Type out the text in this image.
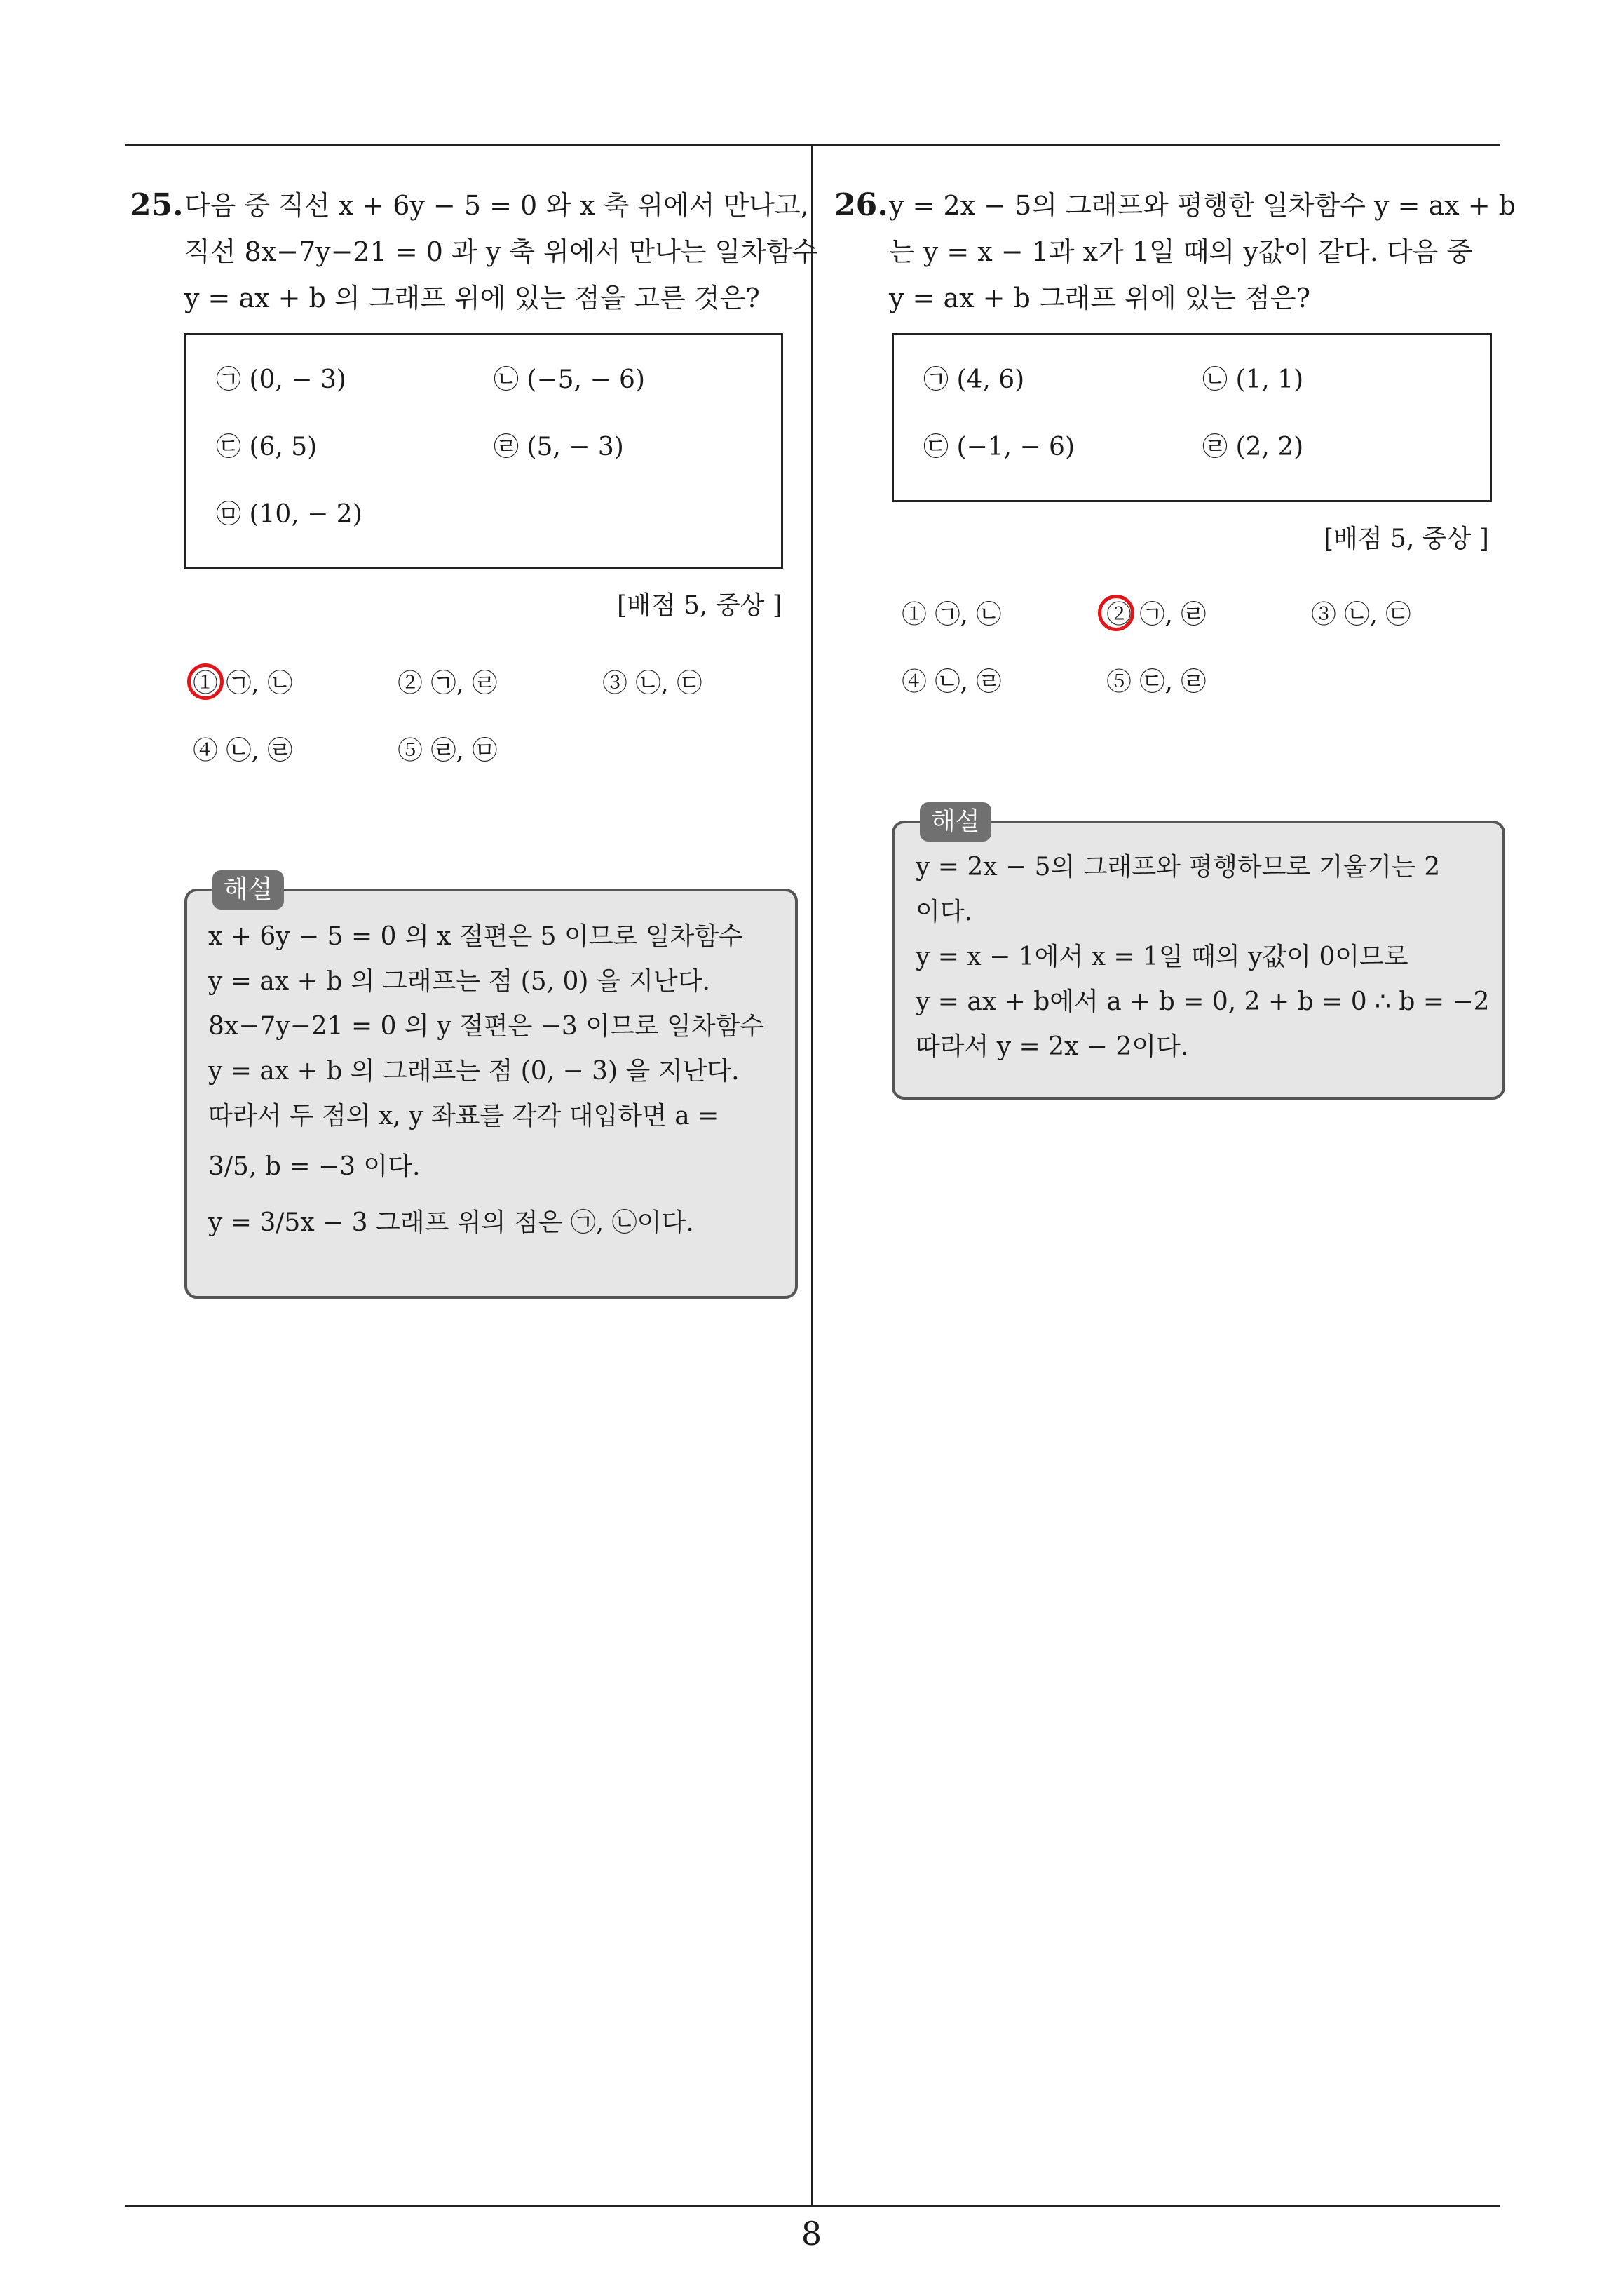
25. 다음 중 직선 x + 6y − 5 = 0 와 x 축 위에서 만나고,
직선 8x−7y−21 = 0 과 y 축 위에서 만나는 일차함수
y = ax + b 의 그래프 위에 있는 점을 고른 것은?
㉠ (0, − 3)	㉡ (−5, − 6)
㉢ (6, 5)	㉣ (5, − 3)
㉤ (10, − 2)
[배점 5, 중상 ]
① ㉠, ㉡	② ㉠, ㉣	③ ㉡, ㉢
④ ㉡, ㉣	⑤ ㉣, ㉤
해설
x + 6y − 5 = 0 의 x 절편은 5 이므로 일차함수
y = ax + b 의 그래프는 점 (5, 0) 을 지난다.
8x−7y−21 = 0 의 y 절편은 −3 이므로 일차함수
y = ax + b 의 그래프는 점 (0, − 3) 을 지난다.
따라서 두 점의 x, y 좌표를 각각 대입하면 a =
3/5, b = −3 이다.
y = 3/5x − 3 그래프 위의 점은 ㉠, ㉡이다.
26. y = 2x − 5의 그래프와 평행한 일차함수 y = ax + b
는 y = x − 1과 x가 1일 때의 y값이 같다. 다음 중
y = ax + b 그래프 위에 있는 점은?
㉠ (4, 6)	㉡ (1, 1)
㉢ (−1, − 6)	㉣ (2, 2)
[배점 5, 중상 ]
① ㉠, ㉡	② ㉠, ㉣	③ ㉡, ㉢
④ ㉡, ㉣	⑤ ㉢, ㉣
해설
y = 2x − 5의 그래프와 평행하므로 기울기는 2
이다.
y = x − 1에서 x = 1일 때의 y값이 0이므로
y = ax + b에서 a + b = 0, 2 + b = 0 ∴ b = −2
따라서 y = 2x − 2이다.
8
